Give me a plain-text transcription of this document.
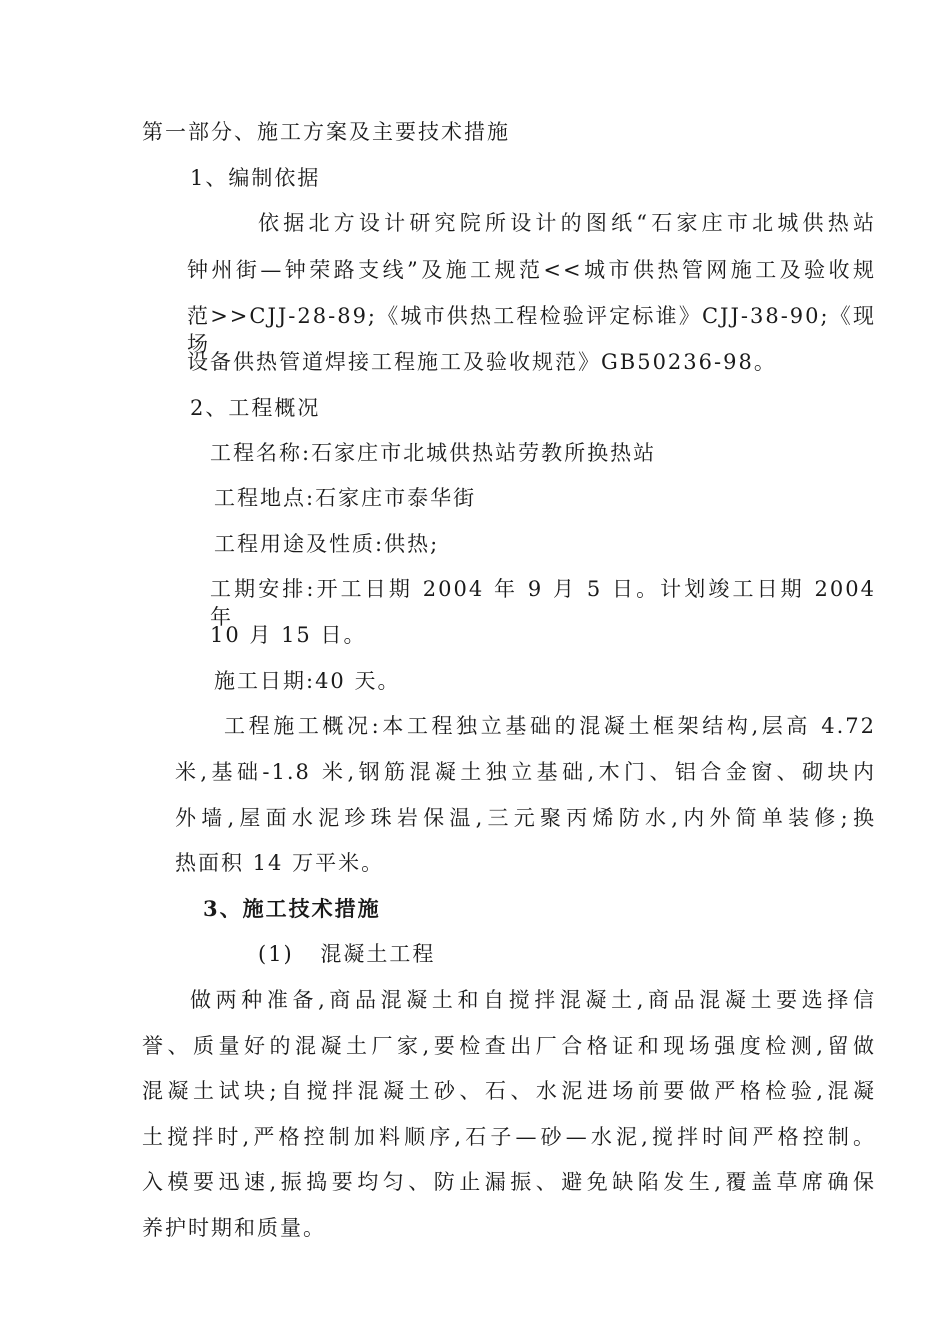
第一部分、施工方案及主要技术措施
1、编制依据
依据北方设计研究院所设计的图纸“石家庄市北城供热站
钟州街—钟荣路支线”及施工规范<<城市供热管网施工及验收规
范>>CJJ-28-89;《城市供热工程检验评定标谁》CJJ-38-90;《现场
设备供热管道焊接工程施工及验收规范》GB50236-98。
2、工程概况
工程名称:石家庄市北城供热站劳教所换热站
工程地点:石家庄市泰华街
工程用途及性质:供热;
工期安排:开工日期 2004 年 9 月 5 日。计划竣工日期 2004 年
10 月 15 日。
施工日期:40 天。
工程施工概况:本工程独立基础的混凝土框架结构,层高 4.72
米,基础-1.8 米,钢筋混凝土独立基础,木门、铝合金窗、砌块内
外墙,屋面水泥珍珠岩保温,三元聚丙烯防水,内外简单装修;换
热面积 14 万平米。
3、施工技术措施
(1) 混凝土工程
做两种准备,商品混凝土和自搅拌混凝土,商品混凝土要选择信
誉、质量好的混凝土厂家,要检查出厂合格证和现场强度检测,留做
混凝土试块;自搅拌混凝土砂、石、水泥进场前要做严格检验,混凝
土搅拌时,严格控制加料顺序,石子—砂—水泥,搅拌时间严格控制。
入模要迅速,振捣要均匀、防止漏振、避免缺陷发生,覆盖草席确保
养护时期和质量。
